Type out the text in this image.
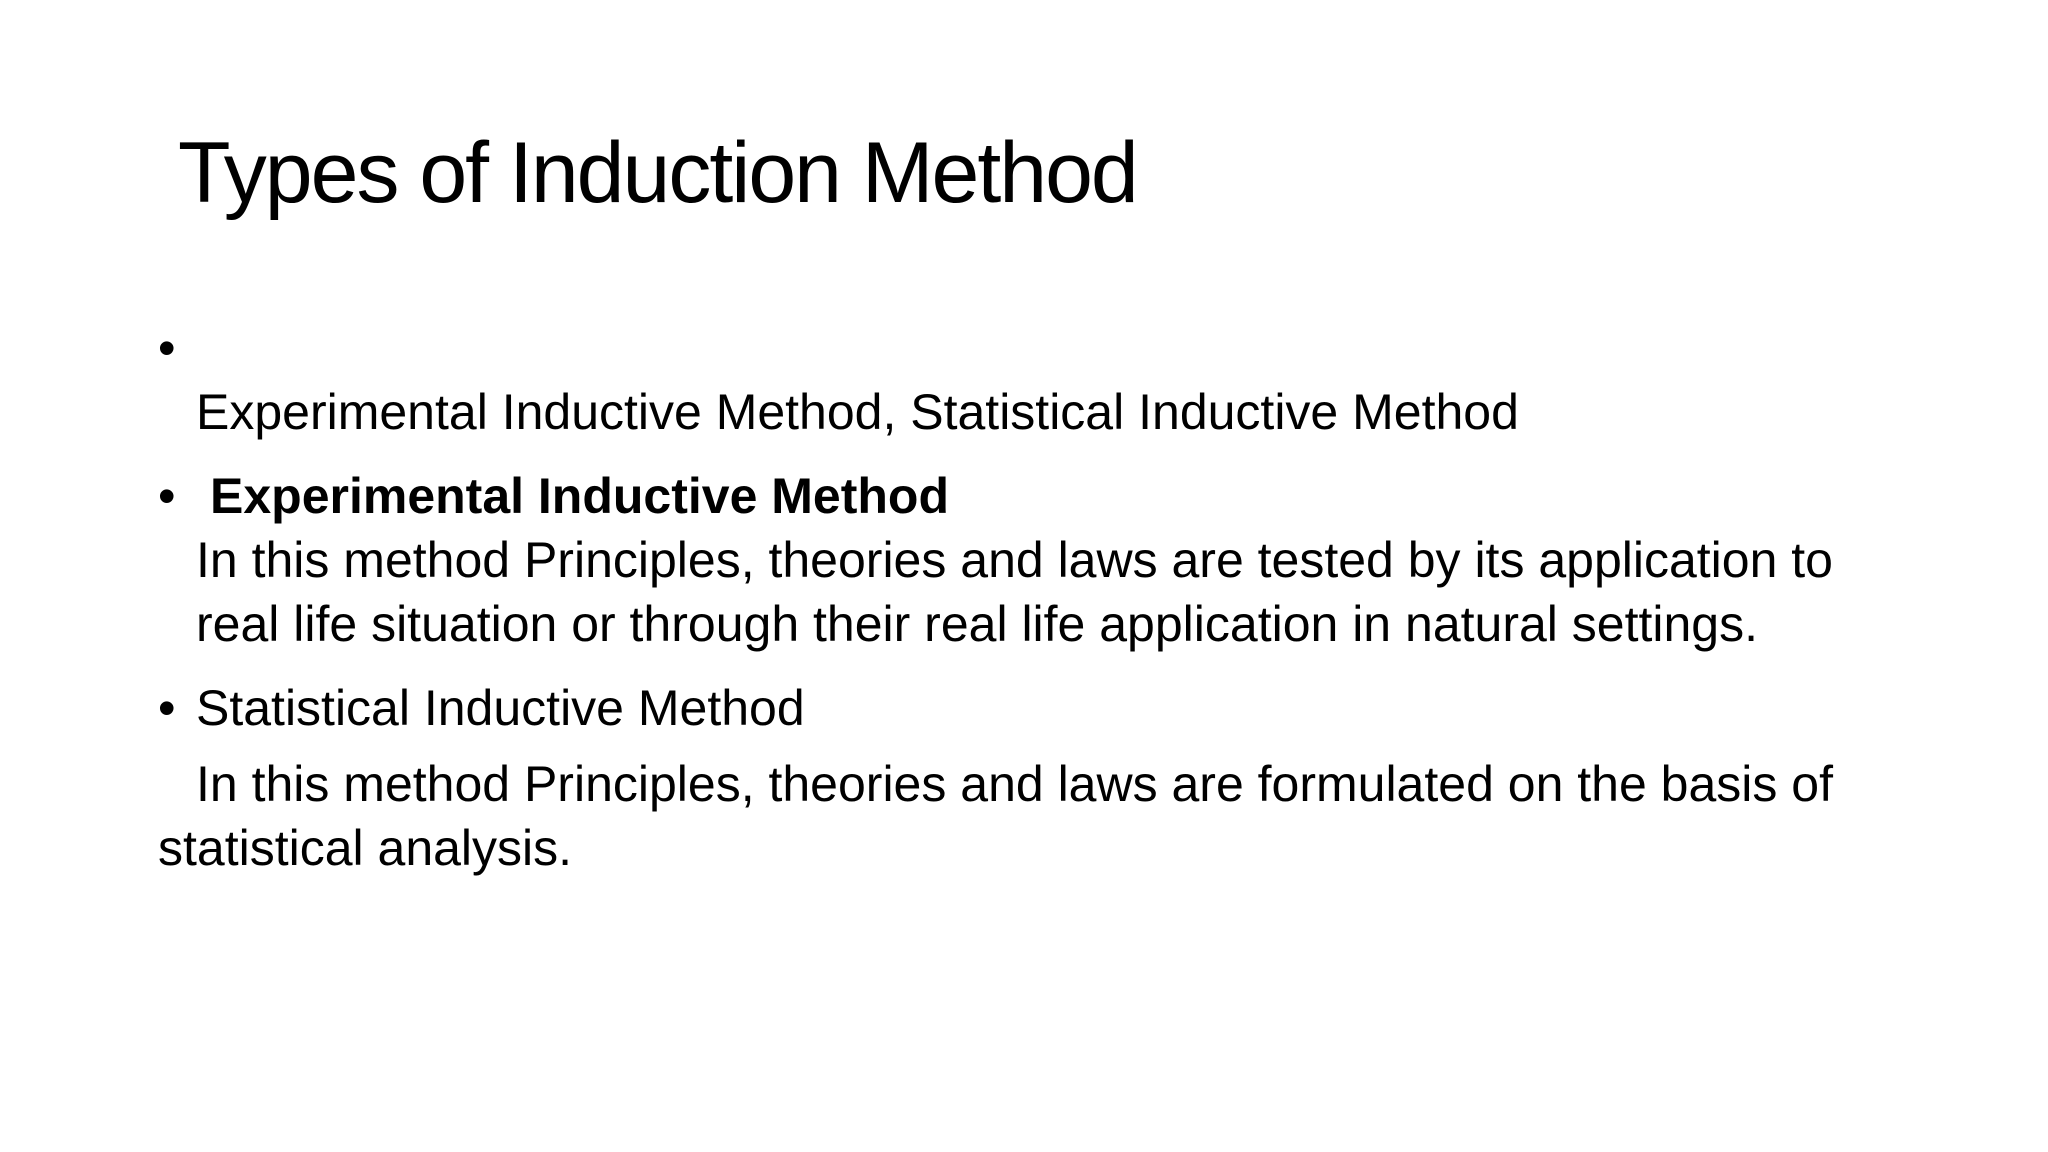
Types of Induction Method
•
Experimental Inductive Method, Statistical Inductive Method
• Experimental Inductive Method
In this method Principles, theories and laws are tested by its application to real life situation or through their real life application in natural settings.
• Statistical Inductive Method

In this method Principles, theories and laws are formulated on the basis of statistical analysis.
